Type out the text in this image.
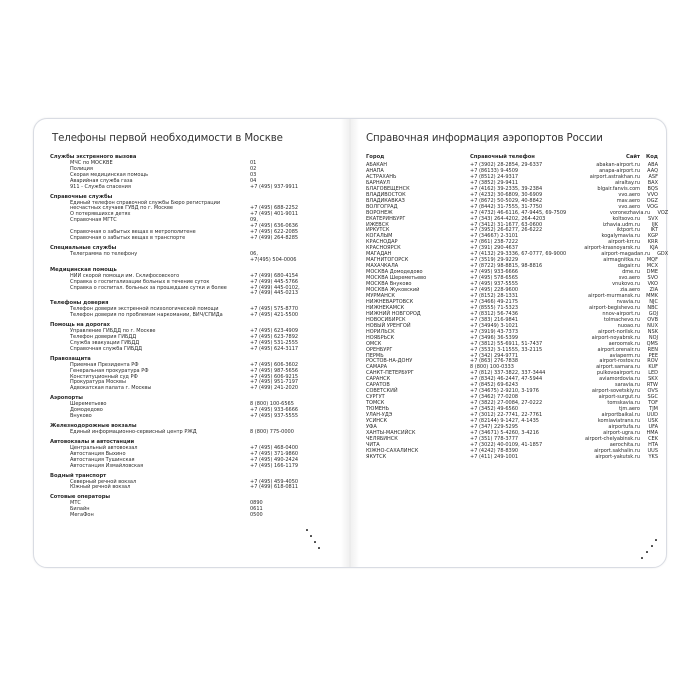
Телефоны первой необходимости в Москве
Службы экстренного вызова
МЧС по МОСКВЕ	01
Полиция	02
Скорая медицинская помощь	03
Аварийная служба газа	04
911 - Служба спасения	+7 (495) 937-9911
Справочные службы
Единый телефон справочной службы Бюро регистрации
несчастных случаев ГУВД по г. Москве	+7 (495) 688-2252
О потерявшихся детях	+7 (495) 401-9011
Справочная МГТС	09,
+7 (495) 636-0636
Справочная о забытых вещах в метрополитене	+7 (495) 622-2085
Справочная о забытых вещах в транспорте	+7 (499) 264-8285
Специальные службы
Телеграмма по телефону	06,
+7(495) 504-0006
Медицинская помощь
НИИ скорой помощи им. Склифосовского	+7 (499) 680-4154
Справка о госпитализации больных в течение суток	+7 (499) 445-5766
Справка о госпитал. больных за прошедшие сутки и более	+7 (499) 445-0102,
+7 (499) 445-0213
Телефоны доверия
Телефон доверия экстренной психологической помощи	+7 (495) 575-8770
Телефон доверия по проблемам наркомании, ВИЧ/СПИДа	+7 (495) 421-5500
Помощь на дорогах
Управление ГИБДД по г. Москве	+7 (495) 623-4909
Телефон доверия ГИБДД	+7 (495) 623-7892
Служба эвакуации ГИБДД	+7 (495) 531-2555
Справочная служба ГИБДД	+7 (495) 624-3117
Правозащита
Приемная Президента РФ	+7 (495) 606-3602
Генеральная прокуратура РФ	+7 (495) 987-5656
Конституционный суд РФ	+7 (495) 606-9215
Прокуратура Москвы	+7 (495) 951-7197
Адвокатская палата г. Москвы	+7 (499) 241-2020
Аэропорты
Шереметьево	8 (800) 100-6565
Домодедово	+7 (495) 933-6666
Внуково	+7 (495) 937-5555
Железнодорожные вокзалы
Единый информационно-сервисный центр РЖД	8 (800) 775-0000
Автовокзалы и автостанции
Центральный автовокзал	+7 (495) 468-0400
Автостанция Выхино	+7 (495) 371-9860
Автостанция Тушинская	+7 (495) 490-2424
Автостанция Измайловская	+7 (495) 166-1179
Водный транспорт
Северный речной вокзал	+7 (495) 459-4050
Южный речной вокзал	+7 (499) 618-0811
Сотовые операторы
МТС	0890
Билайн	0611
МегаФон	0500
Справочная информация аэропортов России
Город	Справочный телефон	Сайт	Код
АБАКАН	+7 (3902) 28-2854, 29-6337	abakan-airport.ru	ABA
АНАПА	+7 (86133) 9-4509	anapa-airport.ru	AAQ
АСТРАХАНЬ	+7 (8512) 24-9317	airport.astrakhan.ru	ASF
БАРНАУЛ	+7 (3852) 29-9411	airaltay.ru	BAX
БЛАГОВЕЩЕНСК	+7 (4162) 39-2335, 39-2384	blgair.fanvis.com	BQS
ВЛАДИВОСТОК	+7 (4232) 30-6809, 30-6909	vvo.aero	VVO
ВЛАДИКАВКАЗ	+7 (8672) 50-5029, 40-8842	mav.aero	OGZ
ВОЛГОГРАД	+7 (8442) 31-7555, 31-7750	vvo.aero	VOG
ВОРОНЕЖ	+7 (4732) 46-6116, 47-9445, 69-7509	voronezhavia.ru	VOZ
ЕКАТЕРИНБУРГ	+7 (343) 264-4202, 264-4203	koltsovo.ru	SVX
ИЖЕВСК	+7 (3412) 31-1677, 63-0600	izhavia.udm.ru	IJK
ИРКУТСК	+7 (3952) 26-6277, 26-6222	iktport.ru	IKT
КОГАЛЫМ	+7 (34667) 2-3101	kogalymavia.ru	KGP
КРАСНОДАР	+7 (861) 238-7222	airport-krr.ru	KRR
КРАСНОЯРСК	+7 (391) 290-4637	airport-krasnoyarsk.ru	KJA
МАГАДАН	+7 (4132) 29-3336, 67-0777, 69-9000	airport-magadan.ru	GDX
МАГНИТОГОРСК	+7 (3519) 29-9229	airmagnitka.ru	MQF
МАХАЧКАЛА	+7 (8722) 98-8815, 98-8816	dagair.ru	MCX
МОСКВА Домодедово	+7 (495) 933-6666	dme.ru	DME
МОСКВА Шереметьево	+7 (495) 578-6565	svo.aero	SVO
МОСКВА Внуково	+7 (495) 937-5555	vnukovo.ru	VKO
МОСКВА Жуковский	+7 (495) 228-9600	zia.aero	ZIA
МУРМАНСК	+7 (8152) 28-1331	airport-murmansk.ru	MMK
НИЖНЕВАРТОВСК	+7 (3466) 49-2175	nvavia.ru	NJC
НИЖНЕКАМСК	+7 (8555) 71-5323	airport-begishevo.ru	NBC
НИЖНИЙ НОВГОРОД	+7 (8312) 56-7436	nnov-airport.ru	GOJ
НОВОСИБИРСК	+7 (383) 216-9841	tolmachevo.ru	OVB
НОВЫЙ УРЕНГОЙ	+7 (34949) 3-1021	nuoaо.ru	NUX
НОРИЛЬСК	+7 (3919) 43-7373	airport-norilsk.ru	NSK
НОЯБРЬСК	+7 (3496) 36-5399	airport-noyabrsk.ru	NOJ
ОМСК	+7 (3812) 55-6911, 51-7437	aeroomsk.ru	QMS
ОРЕНБУРГ	+7 (3532) 3-11555, 33-2115	airport.orenair.ru	REN
ПЕРМЬ	+7 (342) 294-9771	aviaperm.ru	PEE
РОСТОВ-НА-ДОНУ	+7 (863) 276-7838	airport-rostov.ru	ROV
САМАРА	8 (800) 100-0333	airport.samara.ru	KUF
САНКТ-ПЕТЕРБУРГ	+7 (812) 337-3822, 337-3444	pulkovoairport.ru	LED
САРАНСК	+7 (8342) 46-2447, 47-5944	aviamordovia.ru	SKX
САРАТОВ	+7 (8452) 69-6243	saravia.ru	RTW
СОВЕТСКИЙ	+7 (34675) 2-9210, 3-1976	airport-sovetskiy.ru	OVS
СУРГУТ	+7 (3462) 77-0208	airport-surgut.ru	SGC
ТОМСК	+7 (3822) 27-0084, 27-0222	tomskavia.ru	TOF
ТЮМЕНЬ	+7 (3452) 49-6560	tjm.aero	TJM
УЛАН-УДЭ	+7 (3012) 22-7741, 22-7761	airportbaikal.ru	UUD
УСИНСК	+7 (82144) 9-1427, 4-1435	komiaviatrans.ru	USK
УФА	+7 (347) 229-5295	airportufa.ru	UFA
ХАНТЫ-МАНСИЙСК	+7 (34671) 5-4260, 3-4216	airport-ugra.ru	HMA
ЧЕЛЯБИНСК	+7 (351) 778-3777	airport-chelyabinsk.ru	CEK
ЧИТА	+7 (3022) 40-0109, 41-1857	aerochita.ru	HTA
ЮЖНО-САХАЛИНСК	+7 (4242) 78-8390	airport.sakhalin.ru	UUS
ЯКУТСК	+7 (411) 249-1001	airport-yakutsk.ru	YKS
